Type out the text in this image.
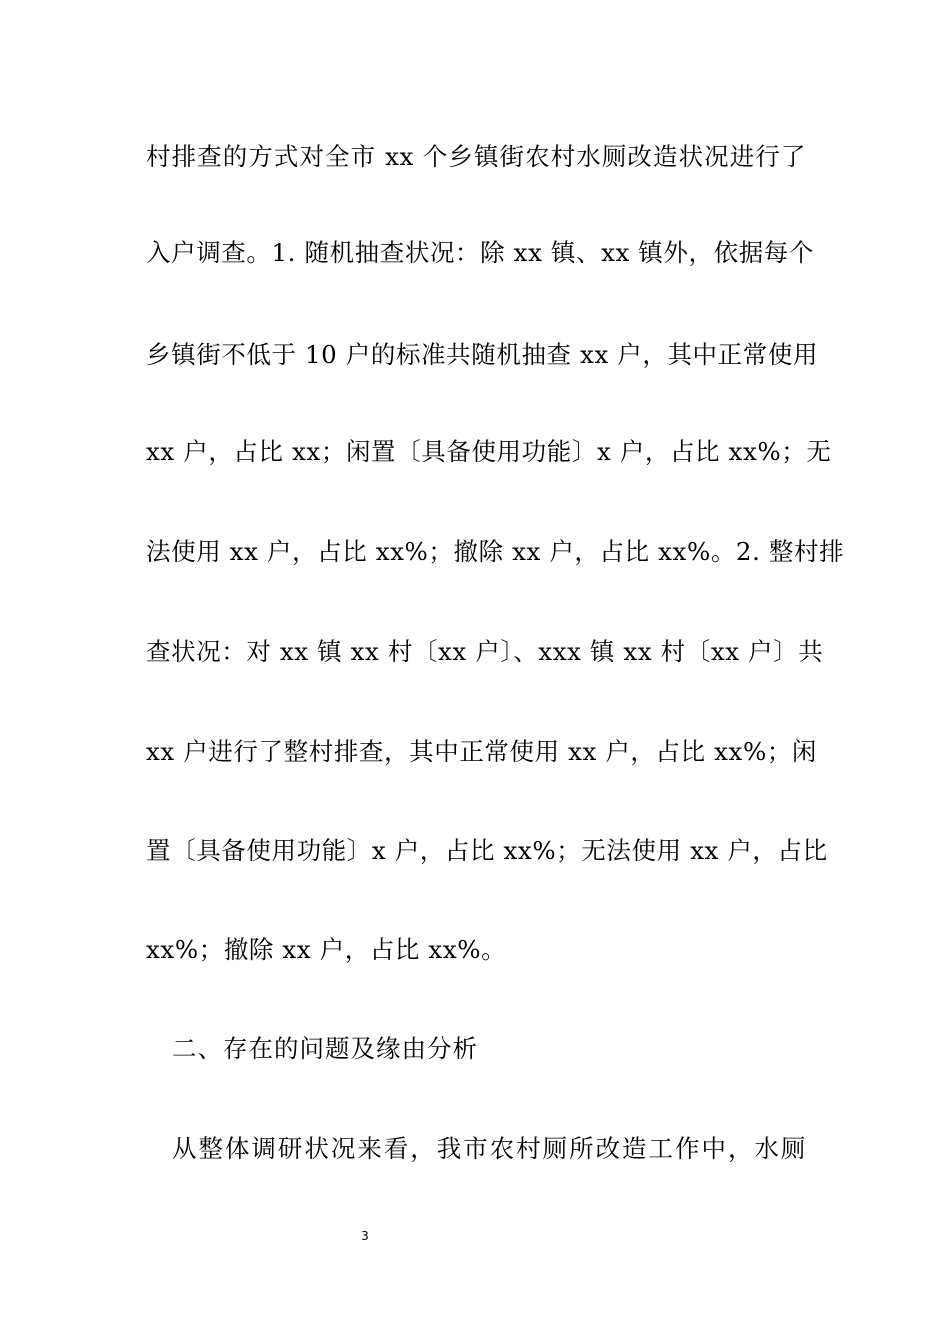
村排查的方式对全市 xx 个乡镇街农村水厕改造状况进行了
入户调查。1. 随机抽查状况：除 xx 镇、xx 镇外，依据每个
乡镇街不低于 10 户的标准共随机抽查 xx 户，其中正常使用
xx 户，占比 xx；闲置〔具备使用功能〕x 户，占比 xx%；无
法使用 xx 户，占比 xx%；撤除 xx 户，占比 xx%。2. 整村排
查状况：对 xx 镇 xx 村〔xx 户〕、xxx 镇 xx 村〔xx 户〕共
xx 户进行了整村排查，其中正常使用 xx 户，占比 xx%；闲
置〔具备使用功能〕x 户，占比 xx%；无法使用 xx 户，占比
xx%；撤除 xx 户，占比 xx%。
二、存在的问题及缘由分析
从整体调研状况来看，我市农村厕所改造工作中，水厕
3
